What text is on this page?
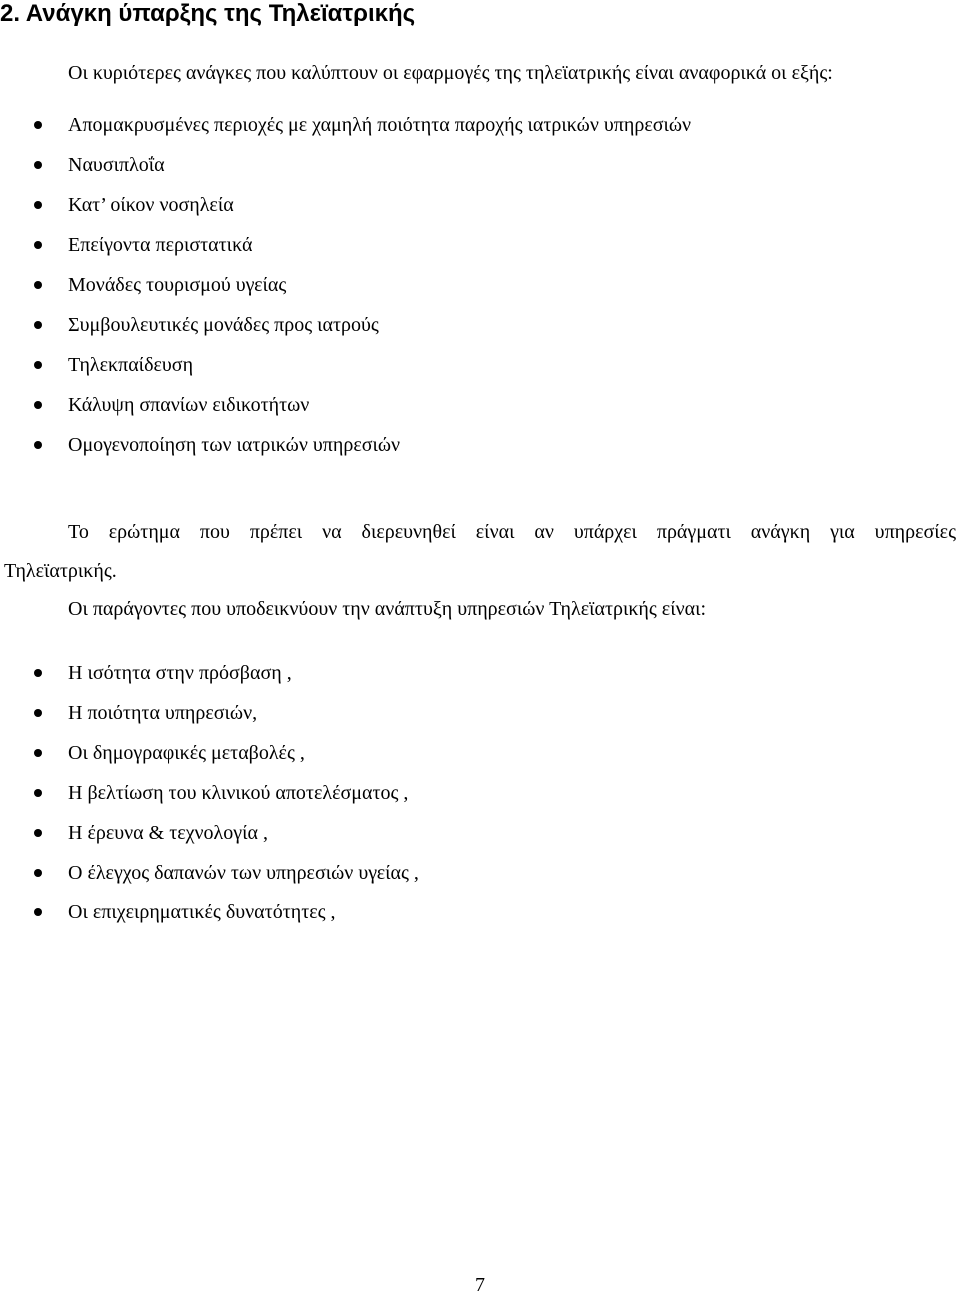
2. Ανάγκη ύπαρξης της Τηλεϊατρικής

Οι κυριότερες ανάγκες που καλύπτουν οι εφαρμογές της τηλεϊατρικής είναι αναφορικά οι εξής:

Απομακρυσμένες περιοχές με χαμηλή ποιότητα παροχής ιατρικών υπηρεσιών
Ναυσιπλοΐα
Κατ’ οίκον νοσηλεία
Επείγοντα περιστατικά
Μονάδες τουρισμού υγείας
Συμβουλευτικές μονάδες προς ιατρούς
Τηλεκπαίδευση
Κάλυψη σπανίων ειδικοτήτων
Ομογενοποίηση των ιατρικών υπηρεσιών

Το ερώτημα που πρέπει να διερευνηθεί είναι αν υπάρχει πράγματι ανάγκη για υπηρεσίες

Τηλεϊατρικής.

Οι παράγοντες που υποδεικνύουν την ανάπτυξη υπηρεσιών Τηλεϊατρικής είναι:

Η ισότητα στην πρόσβαση ,
Η ποιότητα υπηρεσιών,
Οι δημογραφικές μεταβολές ,
Η βελτίωση του κλινικού αποτελέσματος ,
Η έρευνα & τεχνολογία ,
Ο έλεγχος δαπανών των υπηρεσιών υγείας ,
Οι επιχειρηματικές δυνατότητες ,
7
